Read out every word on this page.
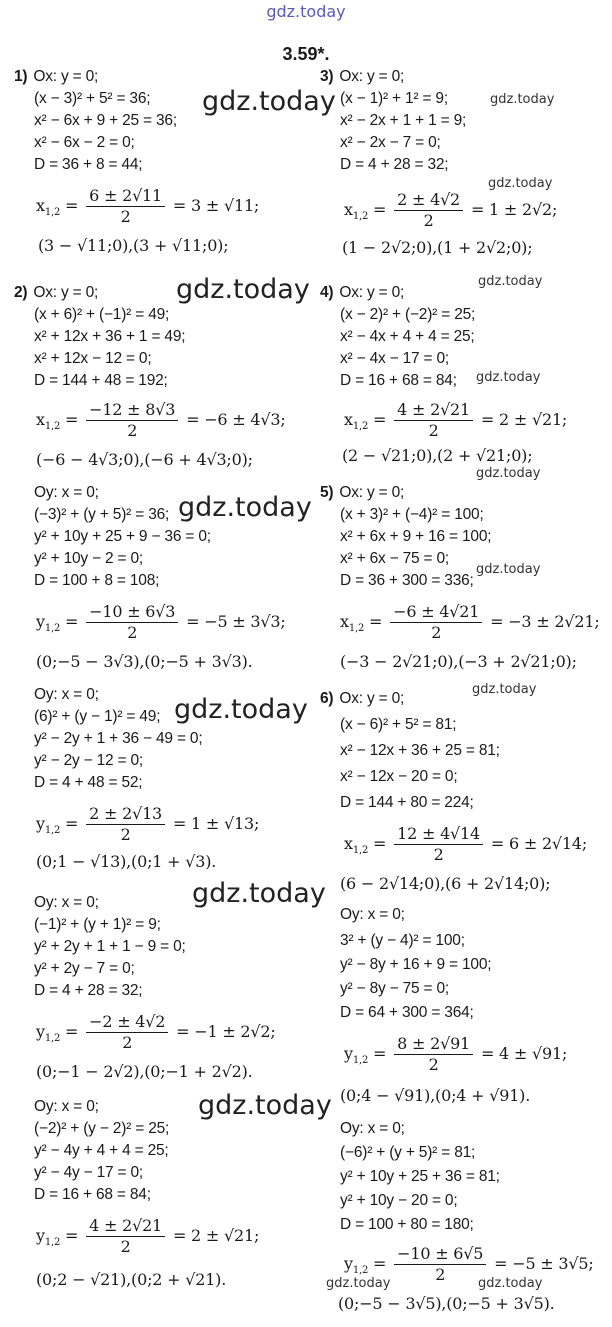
gdz.today
3.59*.
1) Ox: y = 0;
(x − 3)² + 5² = 36;
x² − 6x + 9 + 25 = 36;
x² − 6x − 2 = 0;
D = 36 + 8 = 44;
$x_{1,2} = \frac{6 \pm 2√11}{2} = 3 \pm √11$;
(3 − √11;0),(3 + √11;0);
2) Ox: y = 0;
(x + 6)² + (−1)² = 49;
x² + 12x + 36 + 1 = 49;
x² + 12x − 12 = 0;
D = 144 + 48 = 192;
$x_{1,2} = \frac{-12 \pm 8√3}{2} = -6 \pm 4√3$;
(−6 − 4√3;0),(−6 + 4√3;0);
Oy: x = 0;
(−3)² + (y + 5)² = 36;
y² + 10y + 25 + 9 − 36 = 0;
y² + 10y − 2 = 0;
D = 100 + 8 = 108;
$y_{1,2} = \frac{-10 \pm 6√3}{2} = -5 \pm 3√3$;
(0;−5 − 3√3),(0;−5 + 3√3).
Oy: x = 0;
(6)² + (y − 1)² = 49;
y² − 2y + 1 + 36 − 49 = 0;
y² − 2y − 12 = 0;
D = 4 + 48 = 52;
$y_{1,2} = \frac{2 \pm 2√13}{2} = 1 \pm √13$;
(0;1 − √13),(0;1 + √3).
Oy: x = 0;
(−1)² + (y + 1)² = 9;
y² + 2y + 1 + 1 − 9 = 0;
y² + 2y − 7 = 0;
D = 4 + 28 = 32;
$y_{1,2} = \frac{-2 \pm 4√2}{2} = -1 \pm 2√2$;
(0;−1 − 2√2),(0;−1 + 2√2).
Oy: x = 0;
(−2)² + (y − 2)² = 25;
y² − 4y + 4 + 4 = 25;
y² − 4y − 17 = 0;
D = 16 + 68 = 84;
$y_{1,2} = \frac{4 \pm 2√21}{2} = 2 \pm √21$;
(0;2 − √21),(0;2 + √21).
3) Ox: y = 0;
(x − 1)² + 1² = 9;
x² − 2x + 1 + 1 = 9;
x² − 2x − 7 = 0;
D = 4 + 28 = 32;
$x_{1,2} = \frac{2 \pm 4√2}{2} = 1 \pm 2√2$;
(1 − 2√2;0),(1 + 2√2;0);
4) Ox: y = 0;
(x − 2)² + (−2)² = 25;
x² − 4x + 4 + 4 = 25;
x² − 4x − 17 = 0;
D = 16 + 68 = 84;
$x_{1,2} = \frac{4 \pm 2√21}{2} = 2 \pm √21$;
(2 − √21;0),(2 + √21;0);
5) Ox: y = 0;
(x + 3)² + (−4)² = 100;
x² + 6x + 9 + 16 = 100;
x² + 6x − 75 = 0;
D = 36 + 300 = 336;
$x_{1,2} = \frac{-6 \pm 4√21}{2} = -3 \pm 2√21$;
(−3 − 2√21;0),(−3 + 2√21;0);
6) Ox: y = 0;
(x − 6)² + 5² = 81;
x² − 12x + 36 + 25 = 81;
x² − 12x − 20 = 0;
D = 144 + 80 = 224;
$x_{1,2} = \frac{12 \pm 4√14}{2} = 6 \pm 2√14$;
(6 − 2√14;0),(6 + 2√14;0);
Oy: x = 0;
3² + (y − 4)² = 100;
y² − 8y + 16 + 9 = 100;
y² − 8y − 75 = 0;
D = 64 + 300 = 364;
$y_{1,2} = \frac{8 \pm 2√91}{2} = 4 \pm √91$;
(0;4 − √91),(0;4 + √91).
Oy: x = 0;
(−6)² + (y + 5)² = 81;
y² + 10y + 25 + 36 = 81;
y² + 10y − 20 = 0;
D = 100 + 80 = 180;
$y_{1,2} = \frac{-10 \pm 6√5}{2} = -5 \pm 3√5$;
(0;−5 − 3√5),(0;−5 + 3√5).
gdz.today
gdz.today
gdz.today
gdz.today
gdz.today
gdz.today
gdz.today
gdz.today
gdz.today
gdz.today
gdz.today
gdz.today
gdz.today
gdz.today	gdz.today
